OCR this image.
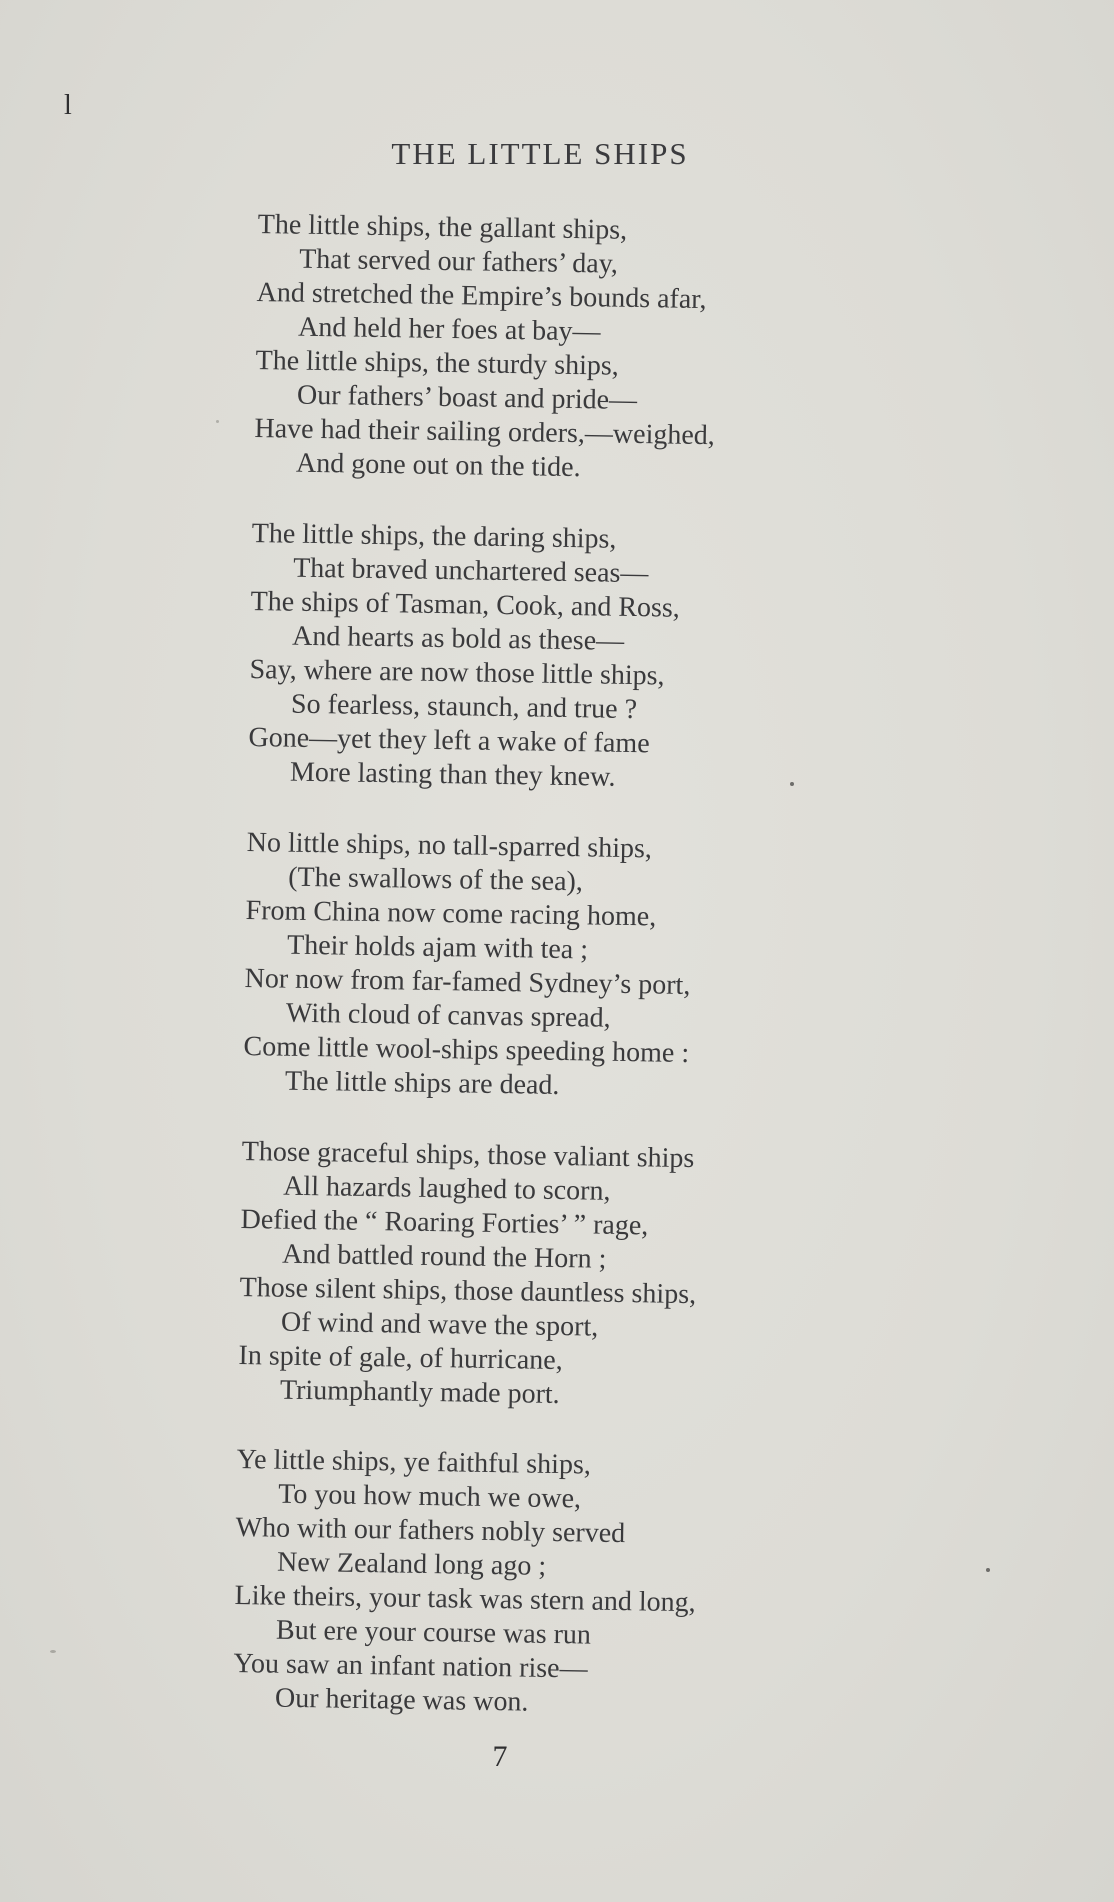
l
THE LITTLE SHIPS
The little ships, the gallant ships,
That served our fathers’ day,
And stretched the Empire’s bounds afar,
And held her foes at bay—
The little ships, the sturdy ships,
Our fathers’ boast and pride—
Have had their sailing orders,—weighed,
And gone out on the tide.
The little ships, the daring ships,
That braved unchartered seas—
The ships of Tasman, Cook, and Ross,
And hearts as bold as these—
Say, where are now those little ships,
So fearless, staunch, and true ?
Gone—yet they left a wake of fame
More lasting than they knew.
No little ships, no tall-sparred ships,
(The swallows of the sea),
From China now come racing home,
Their holds ajam with tea ;
Nor now from far-famed Sydney’s port,
With cloud of canvas spread,
Come little wool-ships speeding home :
The little ships are dead.
Those graceful ships, those valiant ships
All hazards laughed to scorn,
Defied the “ Roaring Forties’ ” rage,
And battled round the Horn ;
Those silent ships, those dauntless ships,
Of wind and wave the sport,
In spite of gale, of hurricane,
Triumphantly made port.
Ye little ships, ye faithful ships,
To you how much we owe,
Who with our fathers nobly served
New Zealand long ago ;
Like theirs, your task was stern and long,
But ere your course was run
You saw an infant nation rise—
Our heritage was won.
7
